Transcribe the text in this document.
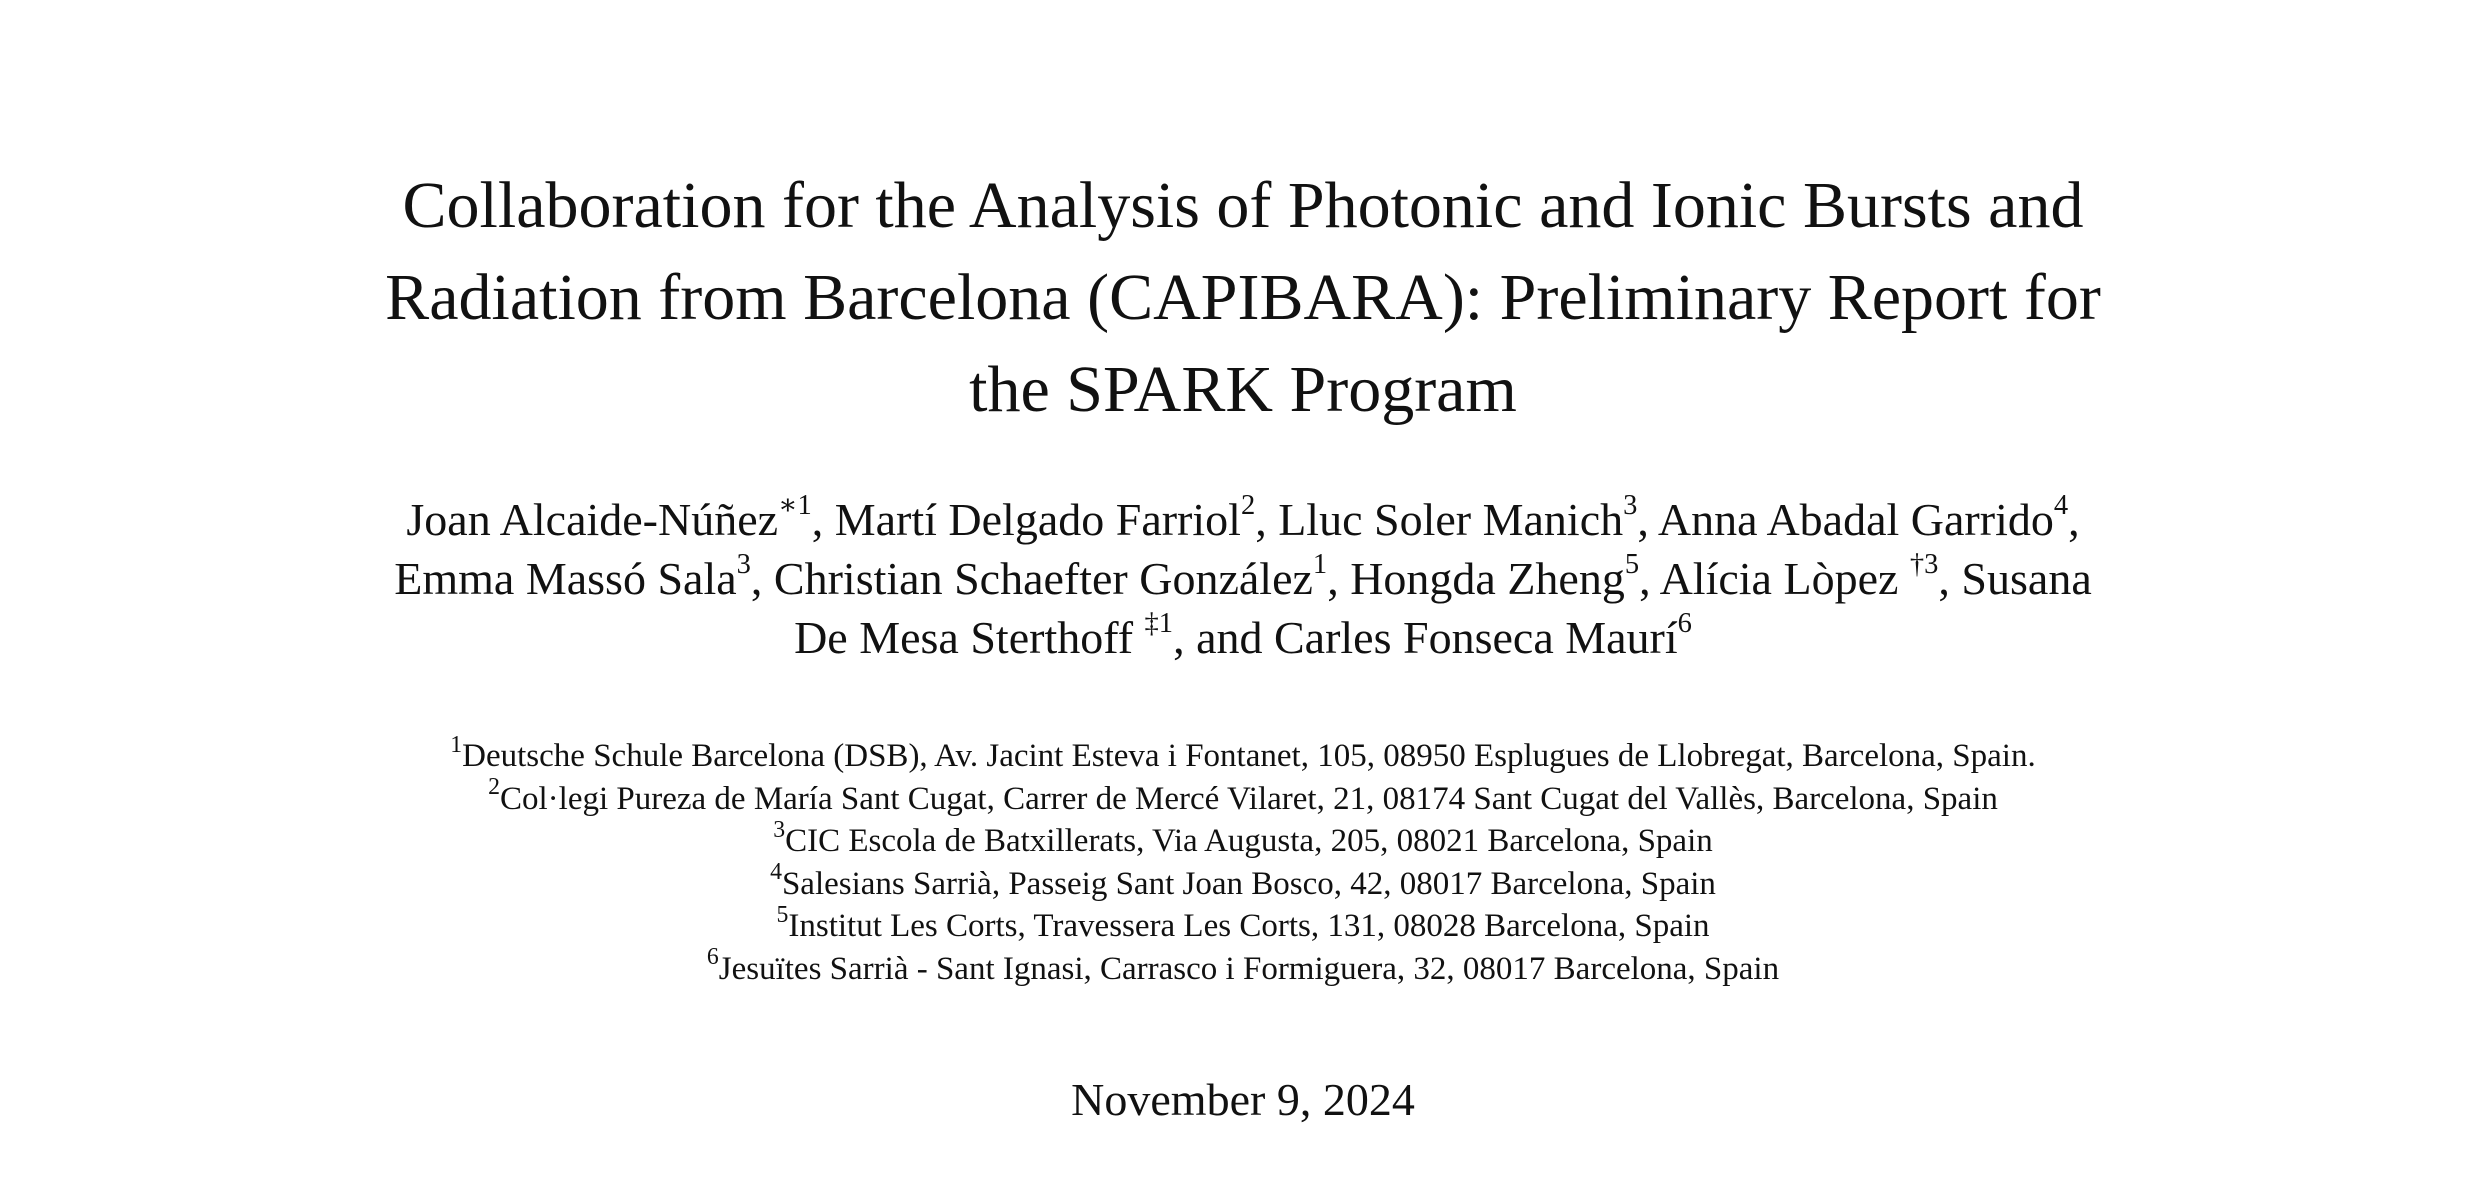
Collaboration for the Analysis of Photonic and Ionic Bursts and
Radiation from Barcelona (CAPIBARA): Preliminary Report for
the SPARK Program
Joan Alcaide-Núñez$^{∗1}$, Martí Delgado Farriol$^2$, Lluc Soler Manich$^3$, Anna Abadal Garrido$^4$,
Emma Massó Sala$^3$, Christian Schaefter González$^1$, Hongda Zheng$^5$, Alícia Lòpez $^{\dagger 3}$, Susana
De Mesa Sterthoff $^{\ddagger 1}$, and Carles Fonseca Maurí$^6$
$^1$Deutsche Schule Barcelona (DSB), Av. Jacint Esteva i Fontanet, 105, 08950 Esplugues de Llobregat, Barcelona, Spain.
$^2$Col·legi Pureza de María Sant Cugat, Carrer de Mercé Vilaret, 21, 08174 Sant Cugat del Vallès, Barcelona, Spain
$^3$CIC Escola de Batxillerats, Via Augusta, 205, 08021 Barcelona, Spain
$^4$Salesians Sarrià, Passeig Sant Joan Bosco, 42, 08017 Barcelona, Spain
$^5$Institut Les Corts, Travessera Les Corts, 131, 08028 Barcelona, Spain
$^6$Jesuïtes Sarrià - Sant Ignasi, Carrasco i Formiguera, 32, 08017 Barcelona, Spain
November 9, 2024
